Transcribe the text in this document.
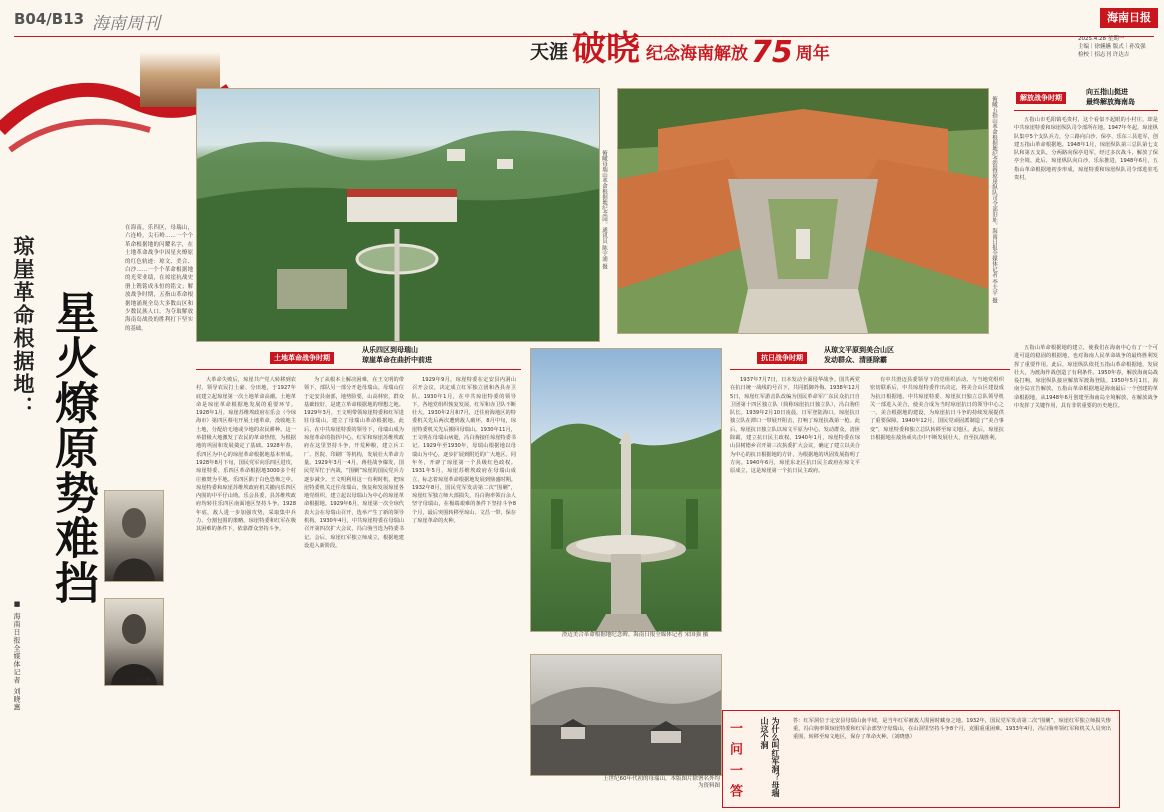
B04/B13 海南周刊
天涯 破晓 纪念海南解放 75 周年
海南日报
2025.4.28 星期一
主编｜徐嬿嬿 版式｜孙发强
检校｜招志刊 许达吉
在海南，乐四区，母瑞山，六连岭，尖石岭……一个个革命根据地的闪耀名字，在土地革命战争中因星火燎原的红色轨迹：琼文、美合、白沙……一个个革命根据地的光荣业绩，在琼崖抗战史册上镌铭成永恒的铭文；解放战争时期，五指山革命根据地涌现全岛大多数山区和少数民族人口，为夺取解放海南岛战役的胜利打下坚实的基础。
琼崖革命根据地： 星火燎原势难挡
■ 海南日报全媒体记者 刘晓惠
王文明。
冯白驹。
俯瞰母瑞山革命根据地纪念园。通讯员 陈宇浦 摄	俯瞰五指山革命根据地纪念馆暨琼崖纵队司令部旧址。海南日报全媒体记者 李天平 摄
土地革命战争时期
从乐四区到母瑞山
琼崖革命在曲折中前进

大革命失败后，琼崖共产党人转移到农村，领导农民打土豪、分田地，于1927年底建立起琼崖第一次土地革命高潮。土地革命是琼崖革命根据地发展的重要环节。1928年1月，琼崖苏维埃政府在乐会（今琼海市）第四区蔡屯开展土地革命，没收地主土地，分配给无地或少地的农民耕种。这一举措极大地激发了农民的革命热情，为根据地的巩固和发展奠定了基础。1928年春，乐四区为中心的琼崖革命根据地基本形成。1928年8月下旬，国民党军向乐四区进攻，琼崖特委、乐四区革命根据地3000多个村庄被焚为平地。乐四区陷于白色恐怖之中。琼崖特委和琼崖苏维埃政府机关撤向乐四区内围的中平仔山坳。乐会县委、县苏维埃政府均转往乐四区南面地区坚持斗争。1928年底，敌人进一步加强攻势，采取集中兵力、分割包围的策略。琼崖特委和红军在极其困难的条件下，依靠群众坚持斗争。

为了从根本上解决困难，在王文明的带领下，部队另一部分开赴母瑞山。母瑞山位于定安县南部，地势险要，山高林密，群众基础较好，是建立革命根据地的理想之地。1929年3月，王文明带领琼崖特委和红军进驻母瑞山，建立了母瑞山革命根据地。此后，在中共琼崖特委的领导下，母瑞山成为琼崖革命的指挥中心。红军和琼崖苏维埃政府在这里坚持斗争，开荒种粮，建立兵工厂、医院、印刷厂等机构，发展壮大革命力量。1929年3月一4月，蒋桂战争爆发，国民党军忙于内战，“围剿”琼崖的国民党兵力逐步减少。王文明利用这一有利时机，把琼崖特委机关迁往母瑞山，恢复和发展琼崖各地党组织，建立起以母瑞山为中心的琼崖革命根据地。1929年6月，琼崖第一次全琼代表大会在母瑞山召开，选举产生了新的领导机构。1930年4月，中共琼崖特委在母瑞山召开第四次扩大会议，冯白驹当选为特委书记。会后，琼崖红军独立师成立，根据地建设进入新阶段。

1929年9月，琼崖特委在定安县内洞山召开会议，决定成立红军独立团和各县赤卫队。1930年1月，在中共琼崖特委的领导下，各地党组织恢复发展，红军和赤卫队不断壮大。1930年2月和7月，迁往府海地区的特委机关先后两次遭到敌人破坏，8月中旬，琼崖特委机关先后搬回母瑞山。1930年11月，王文明在母瑞山病逝，冯白驹接任琼崖特委书记。1929年至1930年，母瑞山根据地以母瑞山为中心，逐步扩展到附近的广大地区。同年冬，开辟了琼崖第一个县级红色政权。1931年5月，琼崖苏维埃政府在母瑞山成立，标志着琼崖革命根据地发展到鼎盛时期。1932年8月，国民党军发动第二次“围剿”，琼崖红军独立师大部损失，冯白驹率领百余人坚守母瑞山，在极端艰难的条件下坚持斗争8个月，最后突围转移至琼山、文昌一带，保存了琼崖革命的火种。

澄迈美合革命根据地纪念碑。海南日报全媒体记者 宋国强 摄
上世纪60年代初的母瑞山。本版图片除署名外均为资料图
抗日战争时期
从琼文平原到美合山区
发动群众、清匪除霸

1937年7月7日，日本发动全面侵华战争。国共两党在抗日统一战线的号召下，共同抵御外侮。1938年12月5日，琼崖红军游击队改编为国民革命军广东民众抗日自卫团第十四区独立队（简称琼崖抗日独立队），冯白驹任队长。1939年2月10日凌晨，日军登陆海口。琼崖抗日独立队在潭口一带展开阻击，打响了琼崖抗战第一枪。此后，琼崖抗日独立队以琼文平原为中心，发动群众，清匪除霸，建立抗日民主政权。1940年1月，琼崖特委在琼山县树德乡召开第三次执委扩大会议，确定了建立以美合为中心的抗日根据地的方针，为根据地的巩固发展指明了方向。1940年6月，琼崖东北区抗日民主政府在琼文平原成立，这是琼崖第一个抗日民主政府。

有中共澄迈县委领导下的党组织活动。与当地党组织密切联系后，中共琼崖特委作出决定，将美合山区建设成为抗日根据地。中共琼崖特委、琼崖抗日独立总队领导机关一部进入美合，使美合成为当时琼崖抗日的领导中心之一。美合根据地的建设，为琼崖抗日斗争的持续发展提供了重要保障。1940年12月，国民党顽固派制造了“美合事变”，琼崖特委和独立总队转移至琼文地区。此后，琼崖抗日根据地在敌伪顽夹击中不断发展壮大，直至抗战胜利。

解放战争时期
向五指山挺进
最终解放海南岛

五指山市毛阳镇毛贵村，这个看似不起眼的小村庄，却是中共琼崖特委和琼崖纵队司令部所在地。1947年冬起，琼崖纵队集中5个支队兵力，分三路向白沙、保亭、乐东三县进军，创建五指山革命根据地。1948年1月，琼崖纵队第三总队第七支队和第五支队，分两路向保亭进军，经过多次战斗，解放了保亭全境。此后，琼崖纵队向白沙、乐东推进，1948年6月，五指山革命根据地初步形成，琼崖特委和琼崖纵队司令部进驻毛贵村。

五指山革命根据地的建立，使我们在海南中心有了一个可进可退的稳固的根据地，也对海南人民革命战争的最终胜利发挥了重要作用。此后，琼崖纵队依托五指山革命根据地，发展壮大，为渡海作战创造了有利条件。1950年春，解放海南岛战役打响，琼崖纵队接应解放军渡海登陆。1950年5月1日，海南全岛宣告解放。五指山革命根据地是海南最后一个创建的革命根据地，从1948年6月创建至海南岛全境解放，在解放战争中发挥了关键作用，具有非常重要的历史地位。

一问一答	为什么叫红军洞？母瑞山这个洞	答：红军洞位于定安县母瑞山南半坡，是当年红军被敌人围困时藏身之地。1932年，国民党军发动第二次“围剿”，琼崖红军独立师损失惨重，冯白驹率领琼崖特委和红军余部坚守母瑞山，在山洞里坚持斗争8个月，克服重重困难。1933年4月，冯白驹率领红军和机关人员突出重围，转移至琼文地区，保存了革命火种。（刘晓惠）
